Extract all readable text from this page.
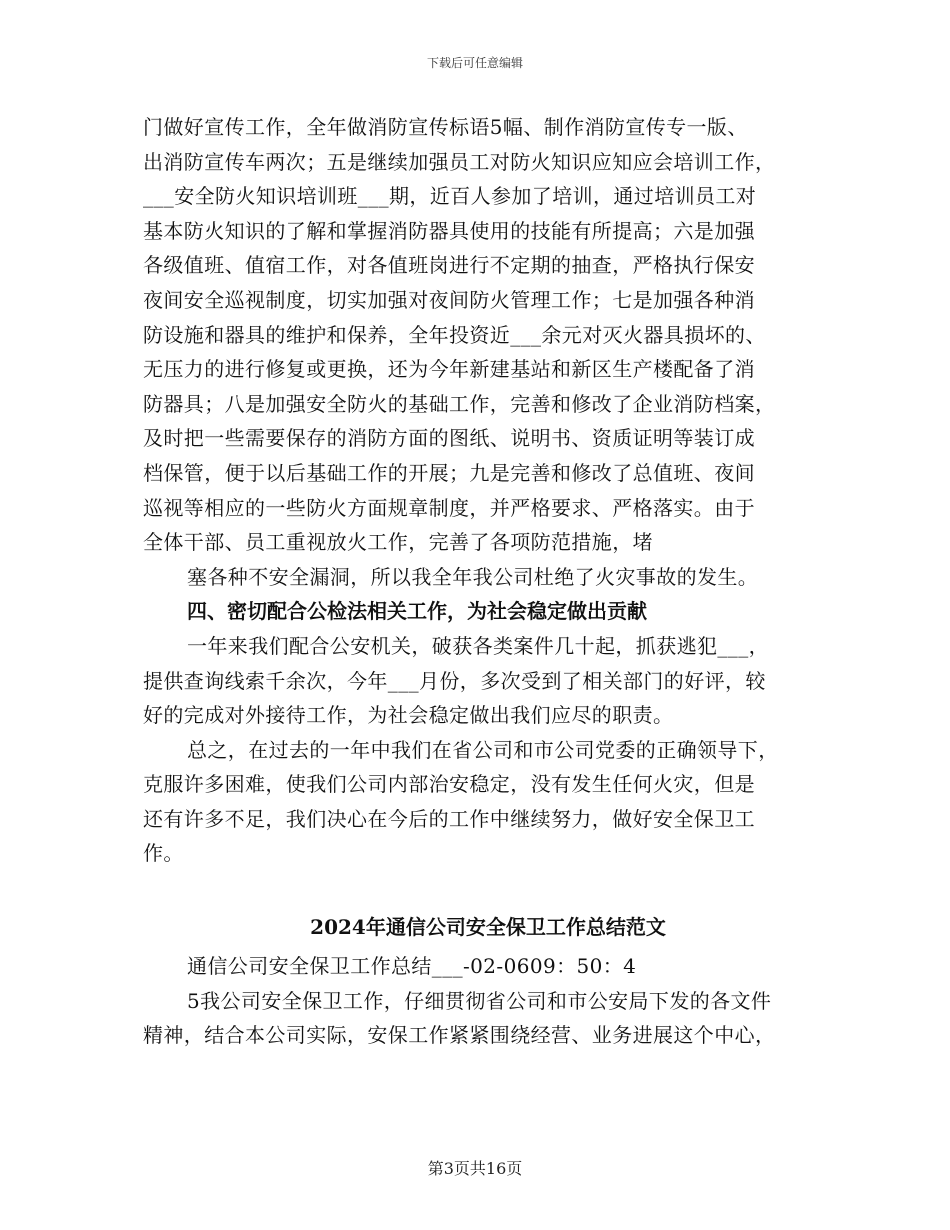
下载后可任意编辑
门做好宣传工作，全年做消防宣传标语5幅、制作消防宣传专一版、
出消防宣传车两次；五是继续加强员工对防火知识应知应会培训工作，
___安全防火知识培训班___期，近百人参加了培训，通过培训员工对
基本防火知识的了解和掌握消防器具使用的技能有所提高；六是加强
各级值班、值宿工作，对各值班岗进行不定期的抽查，严格执行保安
夜间安全巡视制度，切实加强对夜间防火管理工作；七是加强各种消
防设施和器具的维护和保养，全年投资近___余元对灭火器具损坏的、
无压力的进行修复或更换，还为今年新建基站和新区生产楼配备了消
防器具；八是加强安全防火的基础工作，完善和修改了企业消防档案，
及时把一些需要保存的消防方面的图纸、说明书、资质证明等装订成
档保管，便于以后基础工作的开展；九是完善和修改了总值班、夜间
巡视等相应的一些防火方面规章制度，并严格要求、严格落实。由于
全体干部、员工重视放火工作，完善了各项防范措施，堵
塞各种不安全漏洞，所以我全年我公司杜绝了火灾事故的发生。
四、密切配合公检法相关工作，为社会稳定做出贡献
一年来我们配合公安机关，破获各类案件几十起，抓获逃犯___，
提供查询线索千余次，今年___月份，多次受到了相关部门的好评，较
好的完成对外接待工作，为社会稳定做出我们应尽的职责。
总之，在过去的一年中我们在省公司和市公司党委的正确领导下，
克服许多困难，使我们公司内部治安稳定，没有发生任何火灾，但是
还有许多不足，我们决心在今后的工作中继续努力，做好安全保卫工
作。
2024年通信公司安全保卫工作总结范文
通信公司安全保卫工作总结___-02-0609：50：4
5我公司安全保卫工作，仔细贯彻省公司和市公安局下发的各文件
精神，结合本公司实际，安保工作紧紧围绕经营、业务进展这个中心，
第3页共16页
